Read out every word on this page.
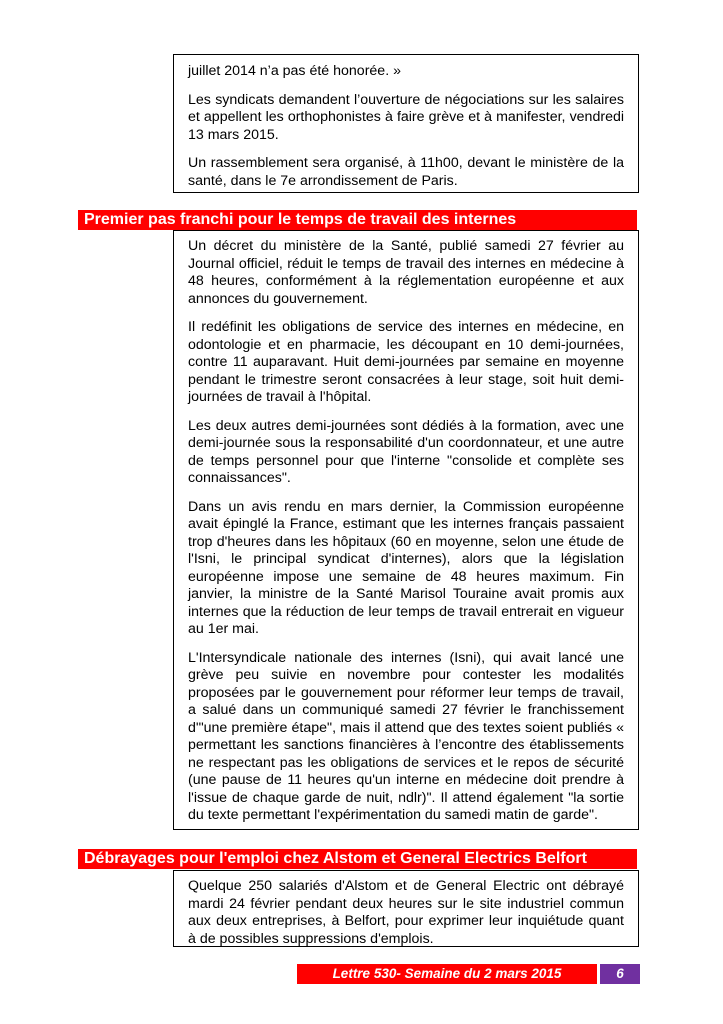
juillet 2014 n’a pas été honorée. »

Les syndicats demandent l’ouverture de négociations sur les salaires et appellent les orthophonistes à faire grève et à manifester, vendredi 13 mars 2015.

Un rassemblement sera organisé, à 11h00, devant le ministère de la santé, dans le 7e arrondissement de Paris.

Premier pas franchi pour le temps de travail des internes

Un décret du ministère de la Santé, publié samedi 27 février au Journal officiel, réduit le temps de travail des internes en médecine à 48 heures, conformément à la réglementation européenne et aux annonces du gouvernement.

Il redéfinit les obligations de service des internes en médecine, en odontologie et en pharmacie, les découpant en 10 demi-journées, contre 11 auparavant. Huit demi-journées par semaine en moyenne pendant le trimestre seront consacrées à leur stage, soit huit demi-journées de travail à l'hôpital.

Les deux autres demi-journées sont dédiés à la formation, avec une demi-journée sous la responsabilité d'un coordonnateur, et une autre de temps personnel pour que l'interne "consolide et complète ses connaissances".

Dans un avis rendu en mars dernier, la Commission européenne avait épinglé la France, estimant que les internes français passaient trop d'heures dans les hôpitaux (60 en moyenne, selon une étude de l'Isni, le principal syndicat d'internes), alors que la législation européenne impose une semaine de 48 heures maximum. Fin janvier, la ministre de la Santé Marisol Touraine avait promis aux internes que la réduction de leur temps de travail entrerait en vigueur au 1er mai.

L'Intersyndicale nationale des internes (Isni), qui avait lancé une grève peu suivie en novembre pour contester les modalités proposées par le gouvernement pour réformer leur temps de travail, a salué dans un communiqué samedi 27 février le franchissement d'"une première étape", mais il attend que des textes soient publiés « permettant les sanctions financières à l’encontre des établissements ne respectant pas les obligations de services et le repos de sécurité (une pause de 11 heures qu'un interne en médecine doit prendre à l'issue de chaque garde de nuit, ndlr)". Il attend également "la sortie du texte permettant l'expérimentation du samedi matin de garde".

Débrayages pour l'emploi chez Alstom et General Electrics Belfort

Quelque 250 salariés d'Alstom et de General Electric ont débrayé mardi 24 février pendant deux heures sur le site industriel commun aux deux entreprises, à Belfort, pour exprimer leur inquiétude quant à de possibles suppressions d'emplois.

Lettre 530- Semaine du 2 mars 2015	6
